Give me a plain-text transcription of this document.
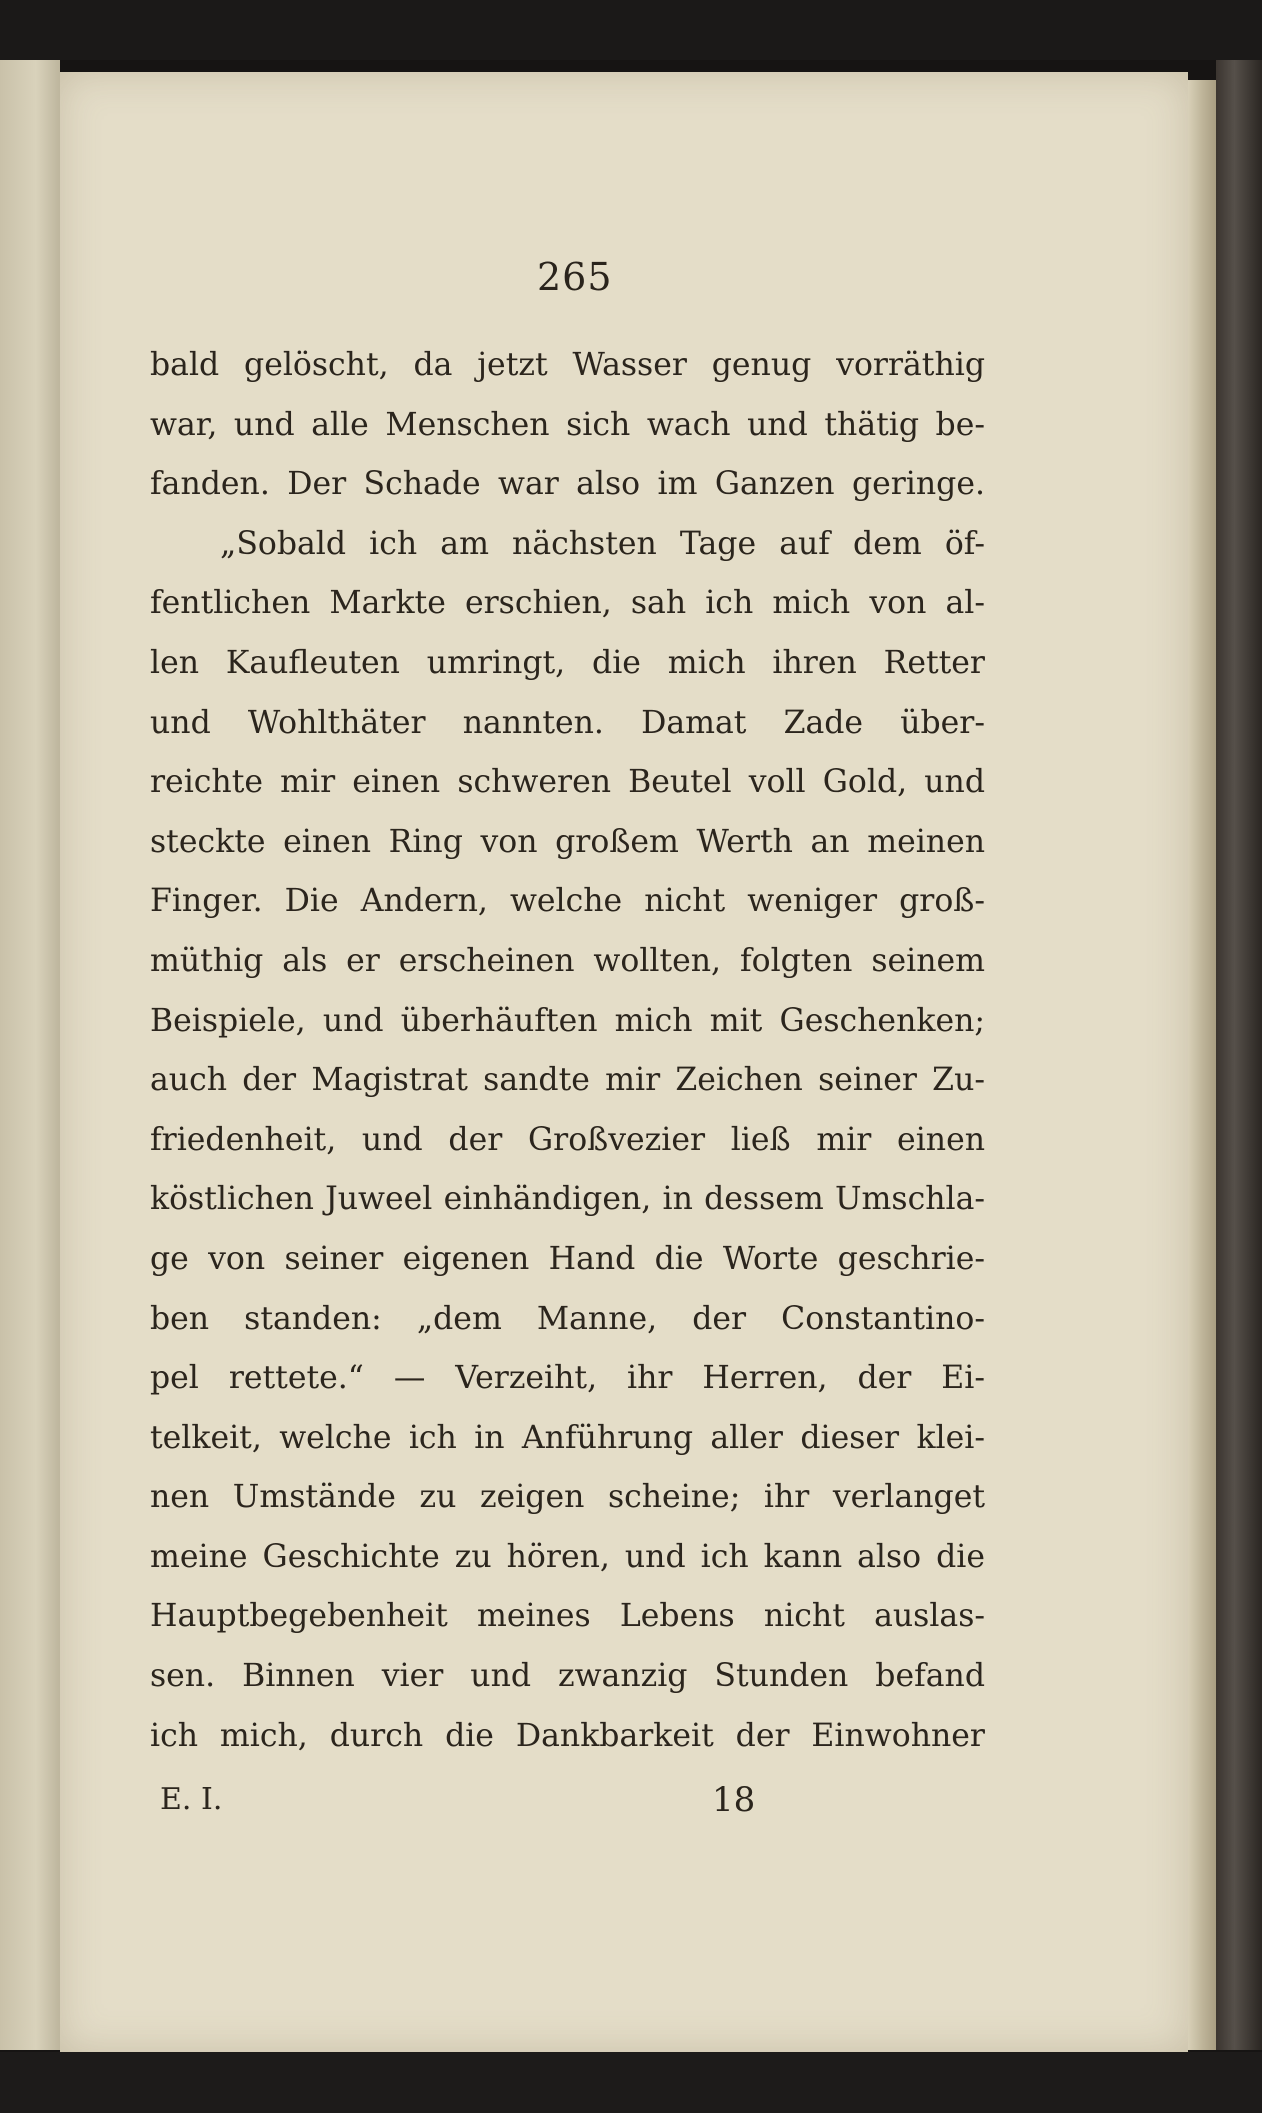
265
bald gelöscht, da jetzt Wasser genug vorräthig
war, und alle Menschen sich wach und thätig be-
fanden. Der Schade war also im Ganzen geringe.
„Sobald ich am nächsten Tage auf dem öf-
fentlichen Markte erschien, sah ich mich von al-
len Kaufleuten umringt, die mich ihren Retter
und Wohlthäter nannten. Damat Zade über-
reichte mir einen schweren Beutel voll Gold, und
steckte einen Ring von großem Werth an meinen
Finger. Die Andern, welche nicht weniger groß-
müthig als er erscheinen wollten, folgten seinem
Beispiele, und überhäuften mich mit Geschenken;
auch der Magistrat sandte mir Zeichen seiner Zu-
friedenheit, und der Großvezier ließ mir einen
köstlichen Juweel einhändigen, in dessem Umschla-
ge von seiner eigenen Hand die Worte geschrie-
ben standen: „dem Manne, der Constantino-
pel rettete.“ — Verzeiht, ihr Herren, der Ei-
telkeit, welche ich in Anführung aller dieser klei-
nen Umstände zu zeigen scheine; ihr verlanget
meine Geschichte zu hören, und ich kann also die
Hauptbegebenheit meines Lebens nicht auslas-
sen. Binnen vier und zwanzig Stunden befand
ich mich, durch die Dankbarkeit der Einwohner
E. I.	18
